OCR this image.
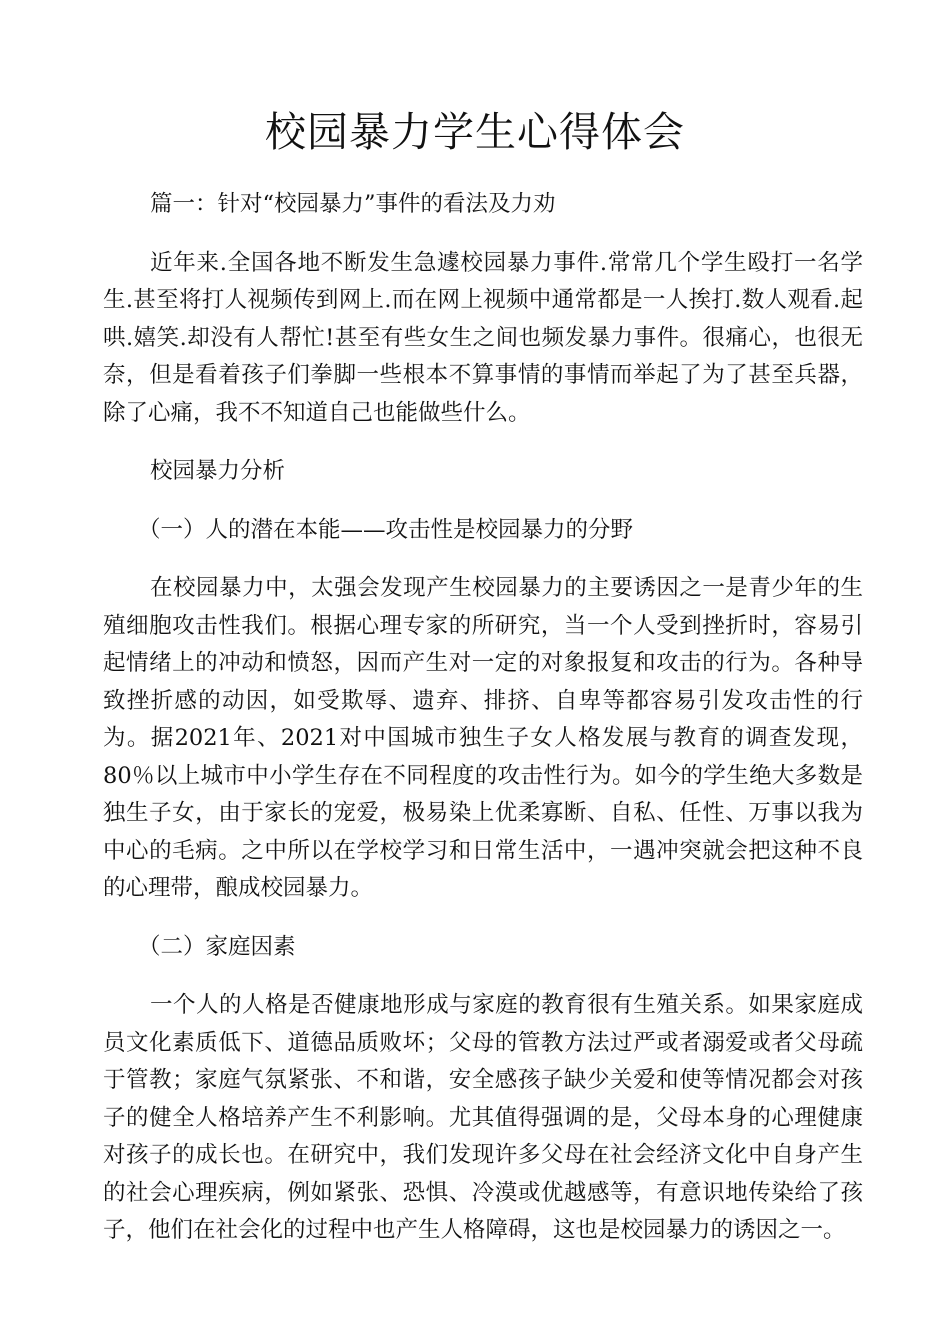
校园暴力学生心得体会

篇一：针对“校园暴力”事件的看法及力劝

近年来.全国各地不断发生急遽校园暴力事件.常常几个学生殴打一名学生.甚至将打人视频传到网上.而在网上视频中通常都是一人挨打.数人观看.起哄.嬉笑.却没有人帮忙!甚至有些女生之间也频发暴力事件。很痛心，也很无奈，但是看着孩子们拳脚一些根本不算事情的事情而举起了为了甚至兵器，除了心痛，我不不知道自己也能做些什么。

校园暴力分析

（一）人的潜在本能——攻击性是校园暴力的分野

在校园暴力中，太强会发现产生校园暴力的主要诱因之一是青少年的生殖细胞攻击性我们。根据心理专家的所研究，当一个人受到挫折时，容易引起情绪上的冲动和愤怒，因而产生对一定的对象报复和攻击的行为。各种导致挫折感的动因，如受欺辱、遗弃、排挤、自卑等都容易引发攻击性的行为。据2021年、2021对中国城市独生子女人格发展与教育的调查发现，80％以上城市中小学生存在不同程度的攻击性行为。如今的学生绝大多数是独生子女，由于家长的宠爱，极易染上优柔寡断、自私、任性、万事以我为中心的毛病。之中所以在学校学习和日常生活中，一遇冲突就会把这种不良的心理带，酿成校园暴力。

（二）家庭因素

一个人的人格是否健康地形成与家庭的教育很有生殖关系。如果家庭成员文化素质低下、道德品质败坏；父母的管教方法过严或者溺爱或者父母疏于管教；家庭气氛紧张、不和谐，安全感孩子缺少关爱和使等情况都会对孩子的健全人格培养产生不利影响。尤其值得强调的是，父母本身的心理健康对孩子的成长也。在研究中，我们发现许多父母在社会经济文化中自身产生的社会心理疾病，例如紧张、恐惧、冷漠或优越感等，有意识地传染给了孩子，他们在社会化的过程中也产生人格障碍，这也是校园暴力的诱因之一。
